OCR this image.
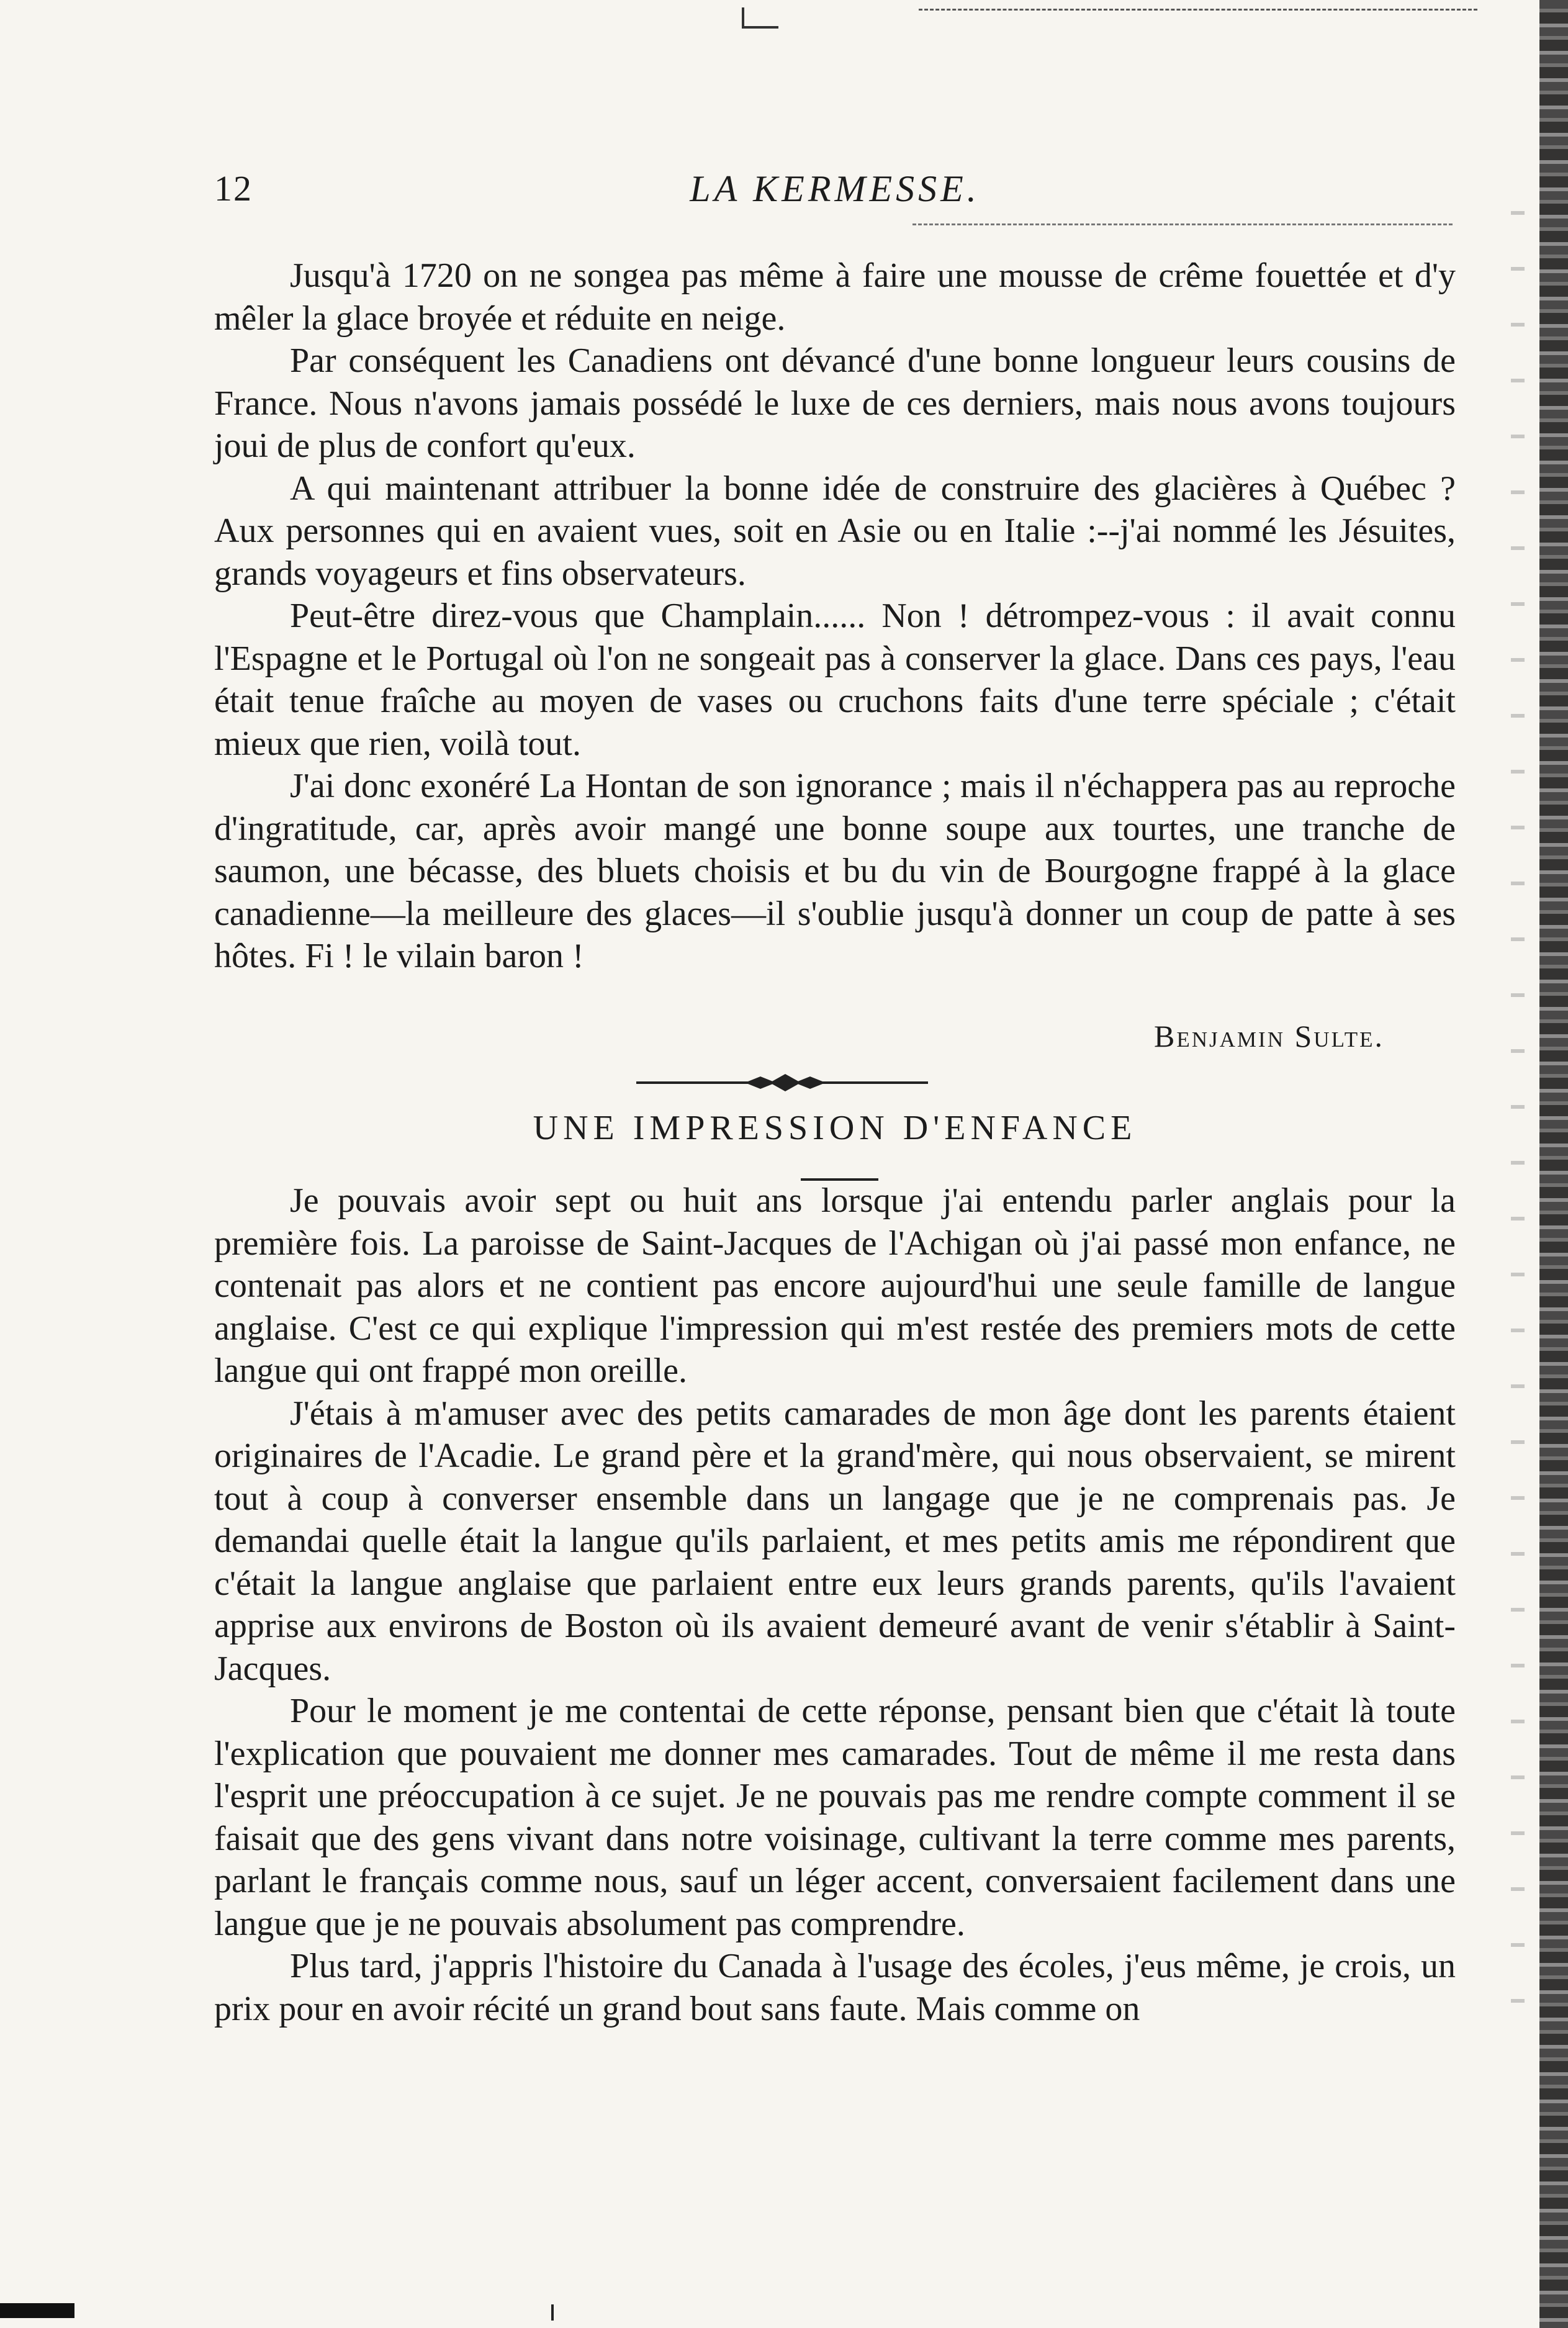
12	LA KERMESSE.

Jusqu'à 1720 on ne songea pas même à faire une mousse de crême fouettée et d'y mêler la glace broyée et réduite en neige.

Par conséquent les Canadiens ont dévancé d'une bonne longueur leurs cousins de France. Nous n'avons jamais possédé le luxe de ces derniers, mais nous avons toujours joui de plus de confort qu'eux.

A qui maintenant attribuer la bonne idée de construire des glacières à Québec ? Aux personnes qui en avaient vues, soit en Asie ou en Italie :--j'ai nommé les Jésuites, grands voyageurs et fins observateurs.

Peut-être direz-vous que Champlain...... Non ! détrompez-vous : il avait connu l'Espagne et le Portugal où l'on ne songeait pas à conserver la glace. Dans ces pays, l'eau était tenue fraîche au moyen de vases ou cruchons faits d'une terre spéciale ; c'était mieux que rien, voilà tout.

J'ai donc exonéré La Hontan de son ignorance ; mais il n'échappera pas au reproche d'ingratitude, car, après avoir mangé une bonne soupe aux tourtes, une tranche de saumon, une bécasse, des bluets choisis et bu du vin de Bourgogne frappé à la glace canadienne—la meilleure des glaces—il s'oublie jusqu'à donner un coup de patte à ses hôtes. Fi ! le vilain baron !

Benjamin Sulte.
UNE IMPRESSION D'ENFANCE

Je pouvais avoir sept ou huit ans lorsque j'ai entendu parler anglais pour la première fois. La paroisse de Saint-Jacques de l'Achigan où j'ai passé mon enfance, ne contenait pas alors et ne contient pas encore aujourd'hui une seule famille de langue anglaise. C'est ce qui explique l'impression qui m'est restée des premiers mots de cette langue qui ont frappé mon oreille.

J'étais à m'amuser avec des petits camarades de mon âge dont les parents étaient originaires de l'Acadie. Le grand père et la grand'mère, qui nous observaient, se mirent tout à coup à converser ensemble dans un langage que je ne comprenais pas. Je demandai quelle était la langue qu'ils parlaient, et mes petits amis me répondirent que c'était la langue anglaise que parlaient entre eux leurs grands parents, qu'ils l'avaient apprise aux environs de Boston où ils avaient demeuré avant de venir s'établir à Saint-Jacques.

Pour le moment je me contentai de cette réponse, pensant bien que c'était là toute l'explication que pouvaient me donner mes camarades. Tout de même il me resta dans l'esprit une préoccupation à ce sujet. Je ne pouvais pas me rendre compte comment il se faisait que des gens vivant dans notre voisinage, cultivant la terre comme mes parents, parlant le français comme nous, sauf un léger accent, conversaient facilement dans une langue que je ne pouvais absolument pas comprendre.

Plus tard, j'appris l'histoire du Canada à l'usage des écoles, j'eus même, je crois, un prix pour en avoir récité un grand bout sans faute. Mais comme on
